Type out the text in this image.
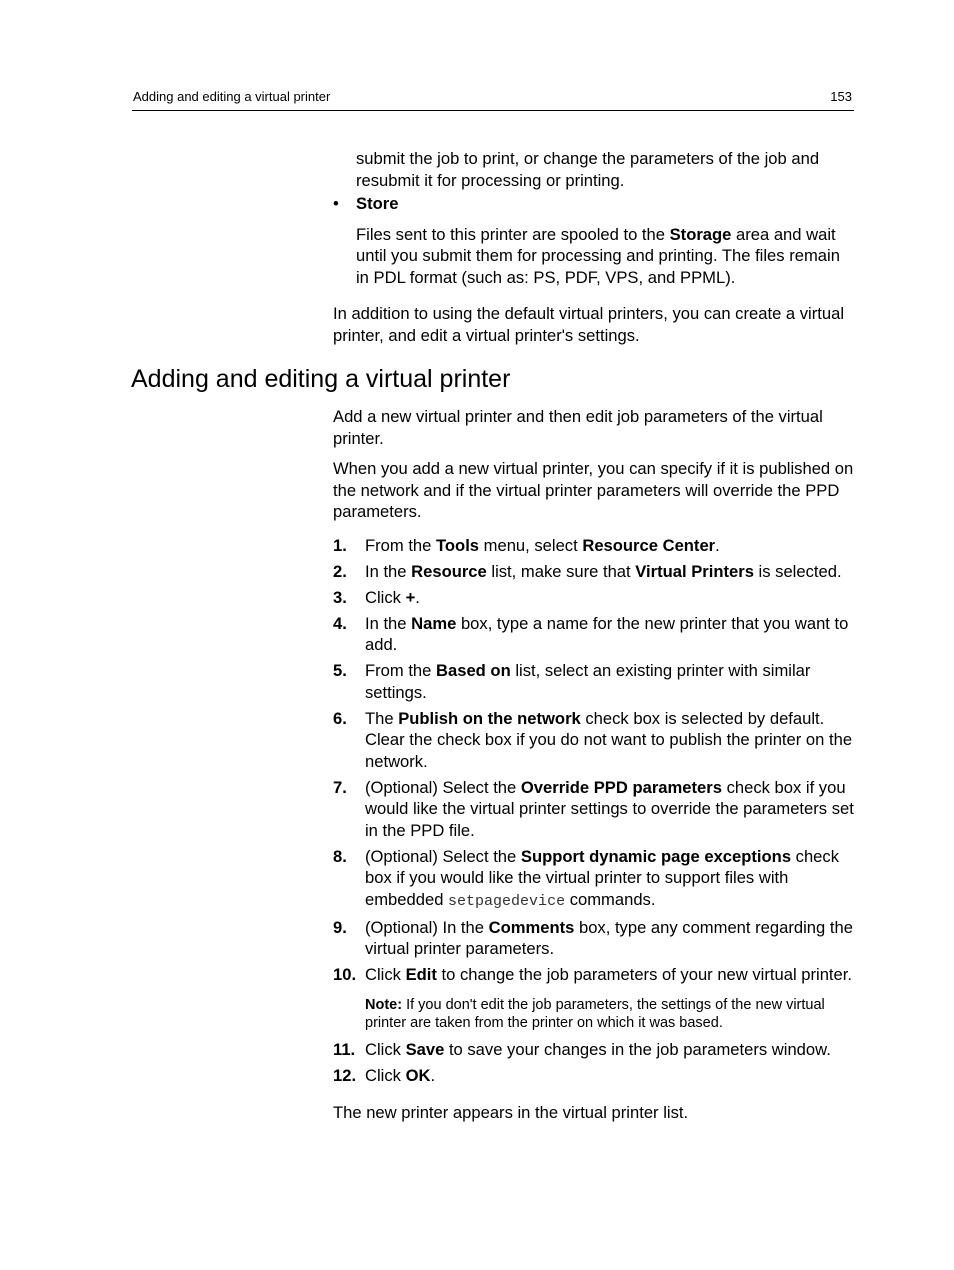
Adding and editing a virtual printer	153

submit the job to print, or change the parameters of the job and resubmit it for processing or printing.

•	Store

Files sent to this printer are spooled to the Storage area and wait until you submit them for processing and printing. The files remain in PDL format (such as: PS, PDF, VPS, and PPML).

In addition to using the default virtual printers, you can create a virtual printer, and edit a virtual printer's settings.

Adding and editing a virtual printer

Add a new virtual printer and then edit job parameters of the virtual printer.

When you add a new virtual printer, you can specify if it is published on the network and if the virtual printer parameters will override the PPD parameters.

1.	From the Tools menu, select Resource Center.
2.	In the Resource list, make sure that Virtual Printers is selected.
3.	Click +.
4.	In the Name box, type a name for the new printer that you want to add.
5.	From the Based on list, select an existing printer with similar settings.
6.	The Publish on the network check box is selected by default. Clear the check box if you do not want to publish the printer on the network.
7.	(Optional) Select the Override PPD parameters check box if you would like the virtual printer settings to override the parameters set in the PPD file.
8.	(Optional) Select the Support dynamic page exceptions check box if you would like the virtual printer to support files with embedded setpagedevice commands.
9.	(Optional) In the Comments box, type any comment regarding the virtual printer parameters.
10. Click Edit to change the job parameters of your new virtual printer.
Note: If you don't edit the job parameters, the settings of the new virtual printer are taken from the printer on which it was based.
11. Click Save to save your changes in the job parameters window.
12. Click OK.

The new printer appears in the virtual printer list.
